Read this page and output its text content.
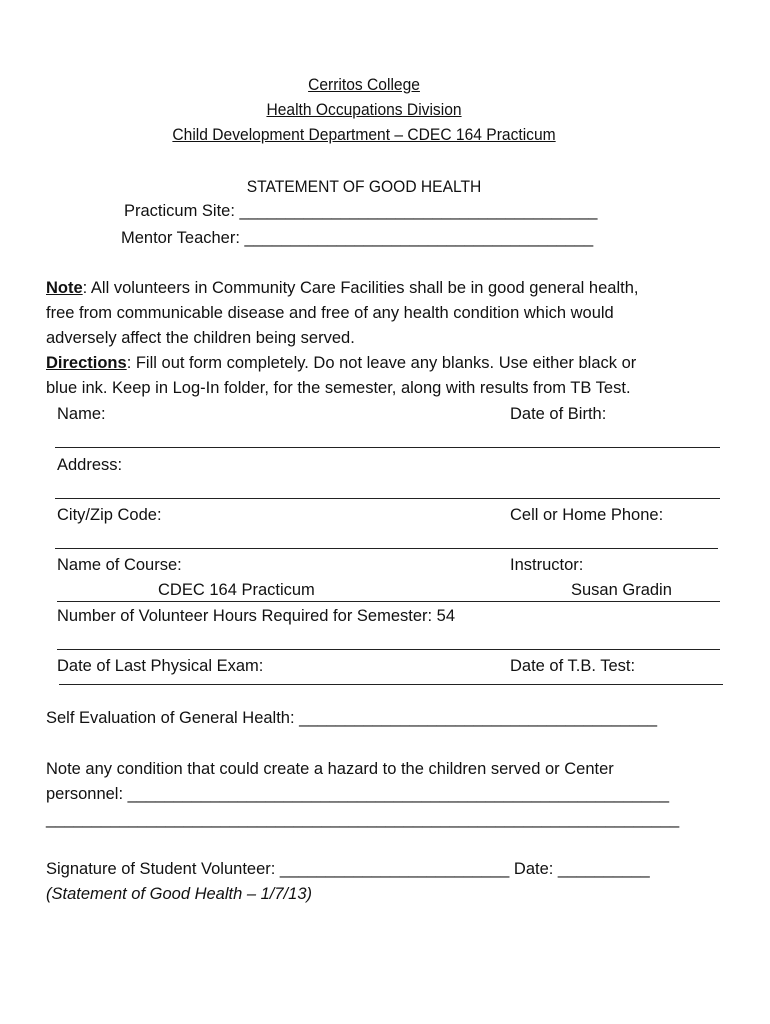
Cerritos College
Health Occupations Division
Child Development Department – CDEC 164 Practicum
STATEMENT OF GOOD HEALTH
Practicum Site: _______________________________________
Mentor Teacher: ______________________________________
Note: All volunteers in Community Care Facilities shall be in good general health,
free from communicable disease and free of any health condition which would
adversely affect the children being served.
Directions: Fill out form completely. Do not leave any blanks. Use either black or
blue ink. Keep in Log-In folder, for the semester, along with results from TB Test.
Name:	Date of Birth:
Address:
City/Zip Code:	Cell or Home Phone:
Name of Course:	Instructor:
CDEC 164 Practicum	Susan Gradin
Number of Volunteer Hours Required for Semester: 54
Date of Last Physical Exam:	Date of T.B. Test:
Self Evaluation of General Health: _______________________________________
Note any condition that could create a hazard to the children served or Center
personnel: ___________________________________________________________
_____________________________________________________________________
Signature of Student Volunteer: _________________________ Date: __________
(Statement of Good Health – 1/7/13)
